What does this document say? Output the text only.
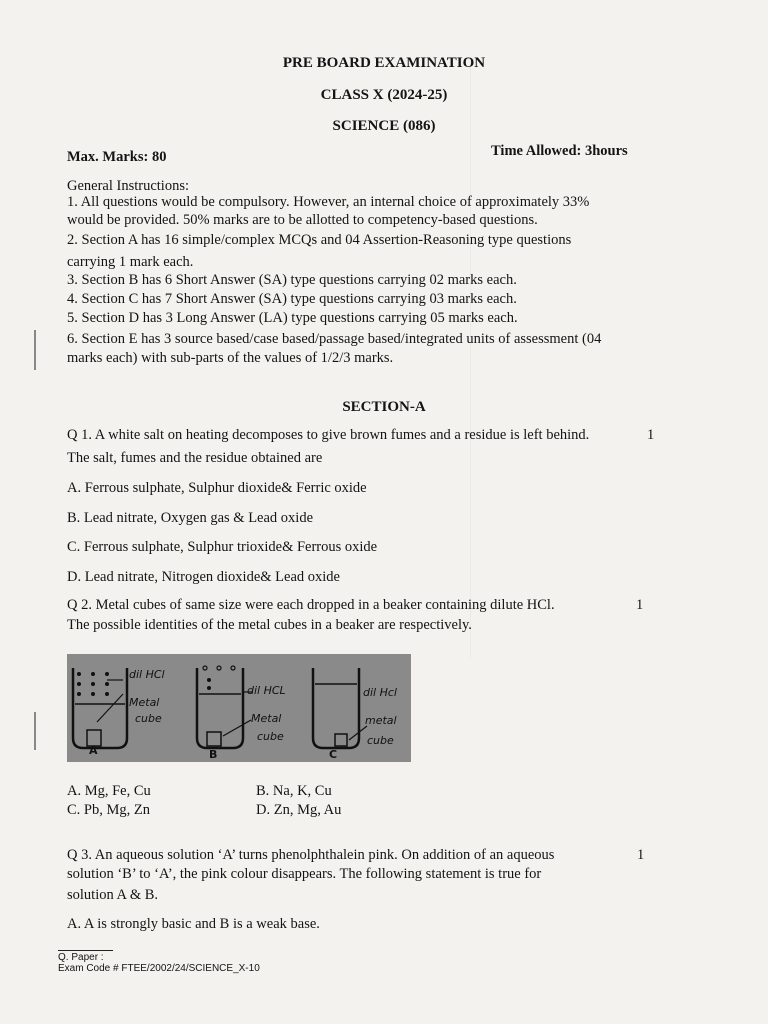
PRE BOARD EXAMINATION
CLASS X (2024-25)
SCIENCE (086)
Max. Marks: 80	Time Allowed: 3hours
General Instructions:
1. All questions would be compulsory. However, an internal choice of approximately 33%
would be provided. 50% marks are to be allotted to competency-based questions.
2. Section A has 16 simple/complex MCQs and 04 Assertion-Reasoning type questions
carrying 1 mark each.
3. Section B has 6 Short Answer (SA) type questions carrying 02 marks each.
4. Section C has 7 Short Answer (SA) type questions carrying 03 marks each.
5. Section D has 3 Long Answer (LA) type questions carrying 05 marks each.
6. Section E has 3 source based/case based/passage based/integrated units of assessment (04
marks each) with sub-parts of the values of 1/2/3 marks.
SECTION-A
Q 1. A white salt on heating decomposes to give brown fumes and a residue is left behind.	1
The salt, fumes and the residue obtained are
A. Ferrous sulphate, Sulphur dioxide& Ferric oxide
B. Lead nitrate, Oxygen gas & Lead oxide
C. Ferrous sulphate, Sulphur trioxide& Ferrous oxide
D. Lead nitrate, Nitrogen dioxide& Lead oxide
Q 2. Metal cubes of same size were each dropped in a beaker containing dilute HCl.	1
The possible identities of the metal cubes in a beaker are respectively.
dil HCl
Metal
cube
A
dil HCL
Metal
cube
B
dil Hcl
metal
cube
C
A. Mg, Fe, Cu	B. Na, K, Cu
C. Pb, Mg, Zn	D. Zn, Mg, Au
Q 3. An aqueous solution ‘A’ turns phenolphthalein pink. On addition of an aqueous	1
solution ‘B’ to ‘A’, the pink colour disappears. The following statement is true for
solution A & B.
A. A is strongly basic and B is a weak base.
Q. Paper :
Exam Code # FTEE/2002/24/SCIENCE_X-10
